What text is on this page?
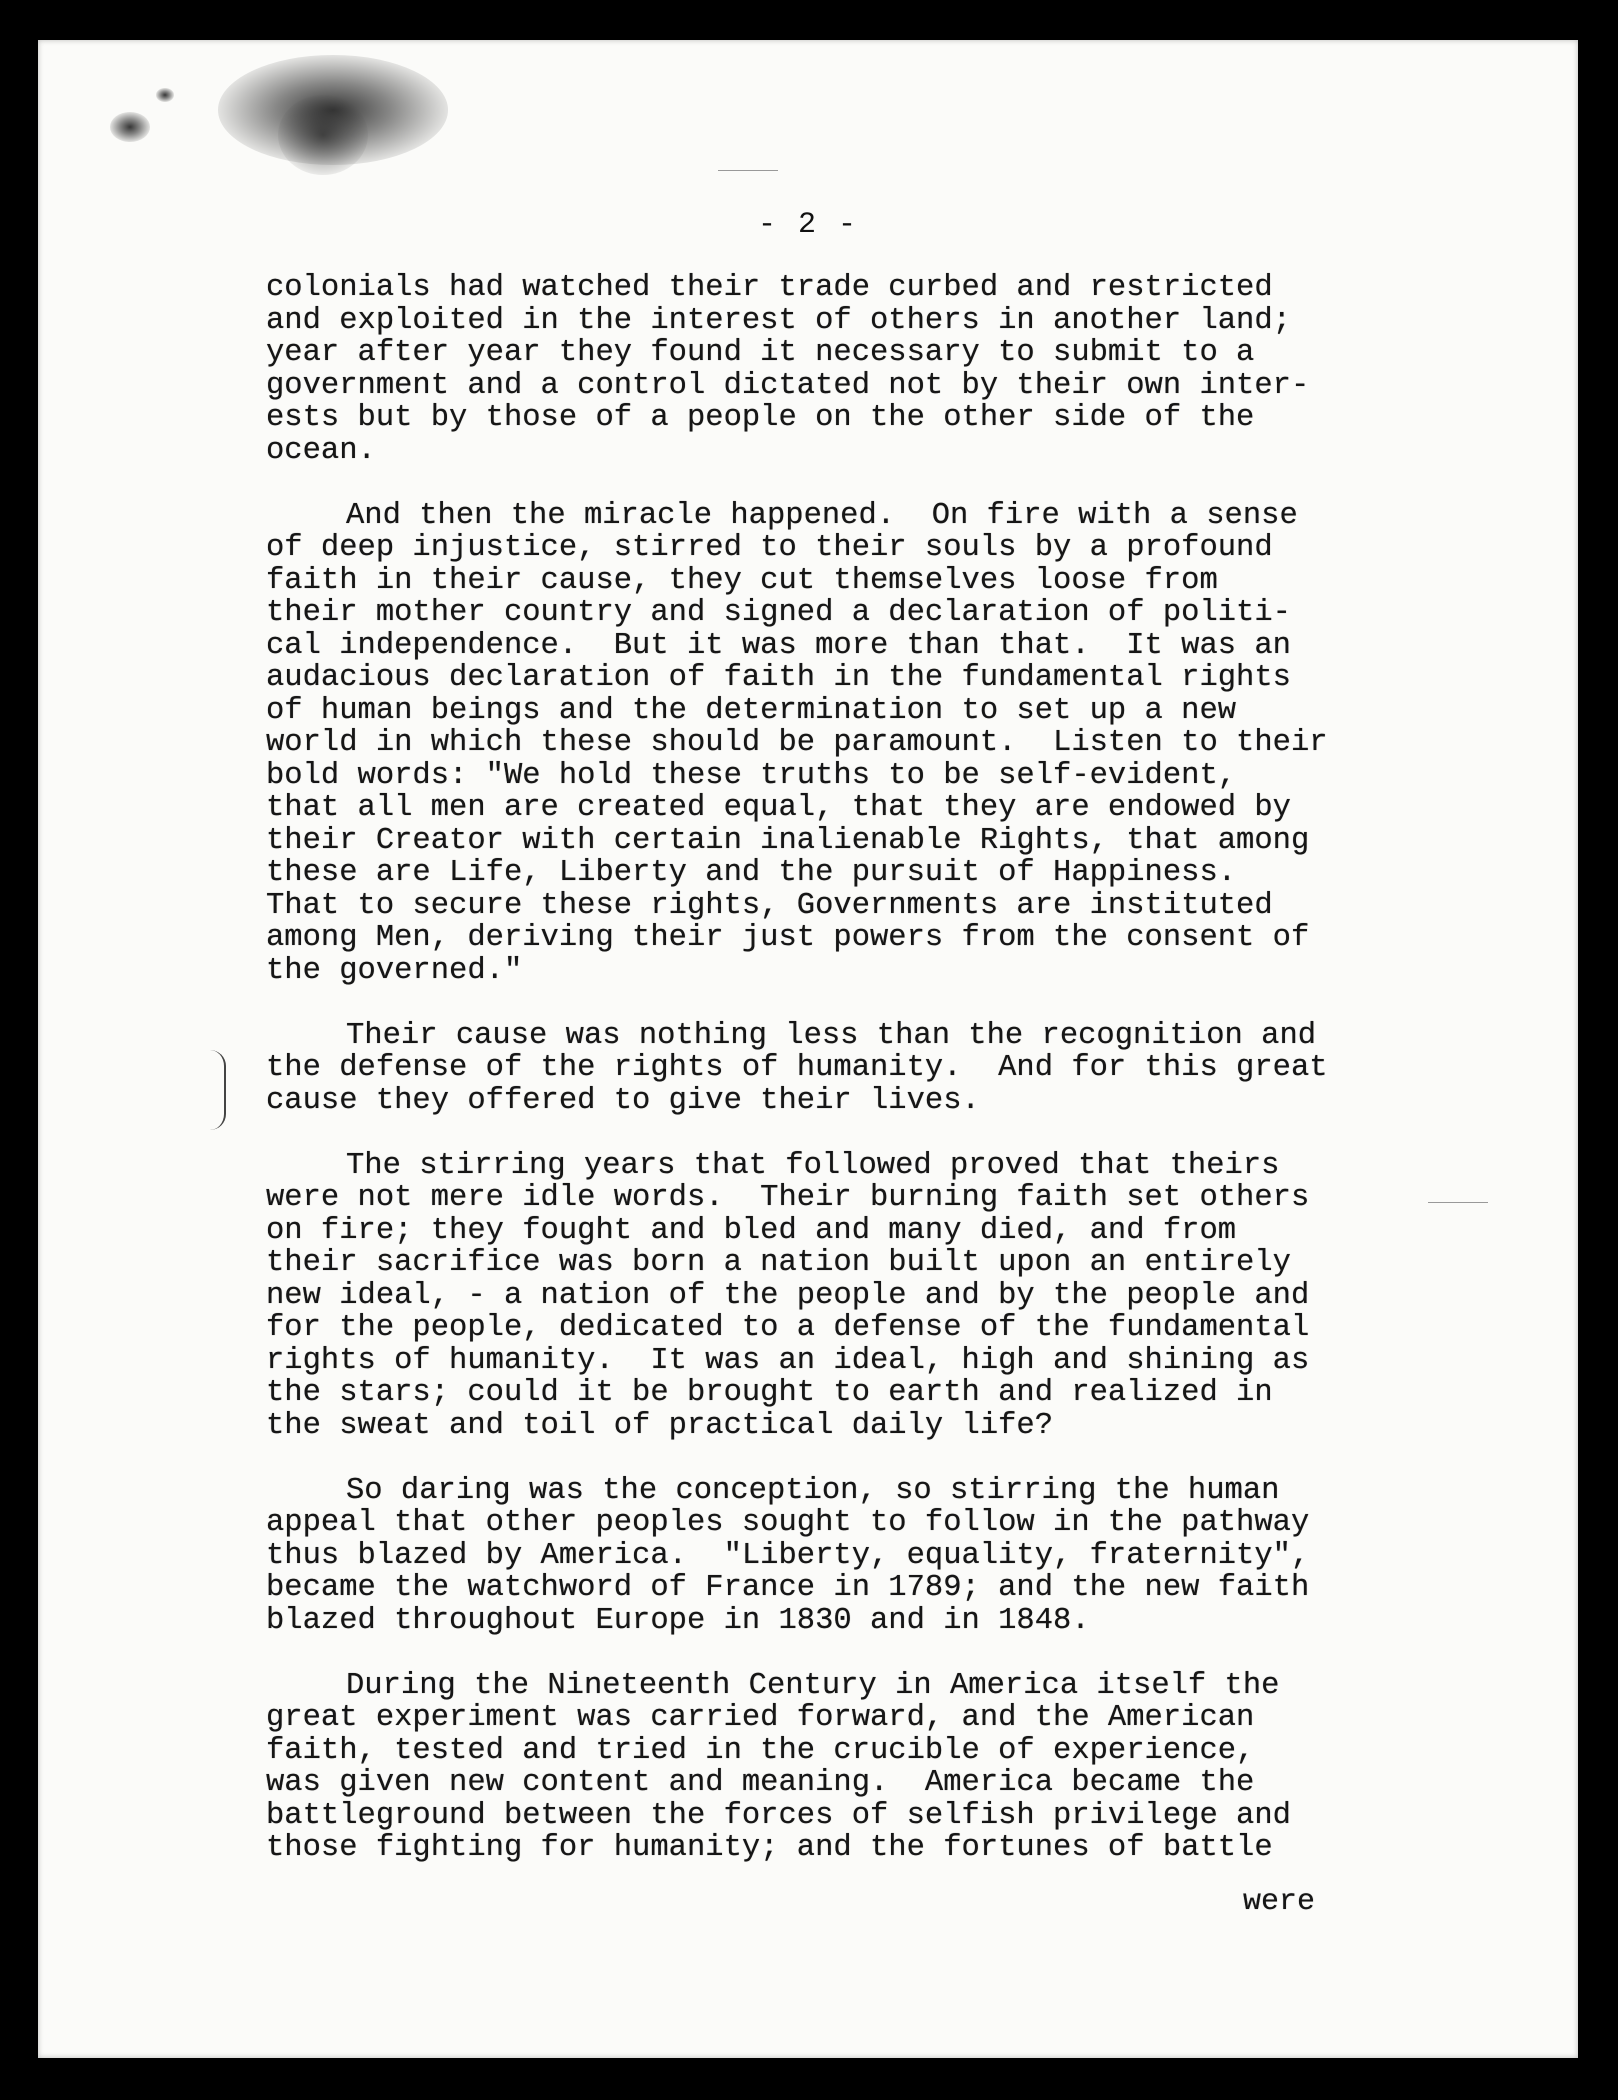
- 2 -
colonials had watched their trade curbed and restricted
and exploited in the interest of others in another land;
year after year they found it necessary to submit to a
government and a control dictated not by their own inter-
ests but by those of a people on the other side of the
ocean.
And then the miracle happened.  On fire with a sense
of deep injustice, stirred to their souls by a profound
faith in their cause, they cut themselves loose from
their mother country and signed a declaration of politi-
cal independence.  But it was more than that.  It was an
audacious declaration of faith in the fundamental rights
of human beings and the determination to set up a new
world in which these should be paramount.  Listen to their
bold words: "We hold these truths to be self-evident,
that all men are created equal, that they are endowed by
their Creator with certain inalienable Rights, that among
these are Life, Liberty and the pursuit of Happiness.
That to secure these rights, Governments are instituted
among Men, deriving their just powers from the consent of
the governed."
Their cause was nothing less than the recognition and
the defense of the rights of humanity.  And for this great
cause they offered to give their lives.
The stirring years that followed proved that theirs
were not mere idle words.  Their burning faith set others
on fire; they fought and bled and many died, and from
their sacrifice was born a nation built upon an entirely
new ideal, - a nation of the people and by the people and
for the people, dedicated to a defense of the fundamental
rights of humanity.  It was an ideal, high and shining as
the stars; could it be brought to earth and realized in
the sweat and toil of practical daily life?
So daring was the conception, so stirring the human
appeal that other peoples sought to follow in the pathway
thus blazed by America.  "Liberty, equality, fraternity",
became the watchword of France in 1789; and the new faith
blazed throughout Europe in 1830 and in 1848.
During the Nineteenth Century in America itself the
great experiment was carried forward, and the American
faith, tested and tried in the crucible of experience,
was given new content and meaning.  America became the
battleground between the forces of selfish privilege and
those fighting for humanity; and the fortunes of battle
were
